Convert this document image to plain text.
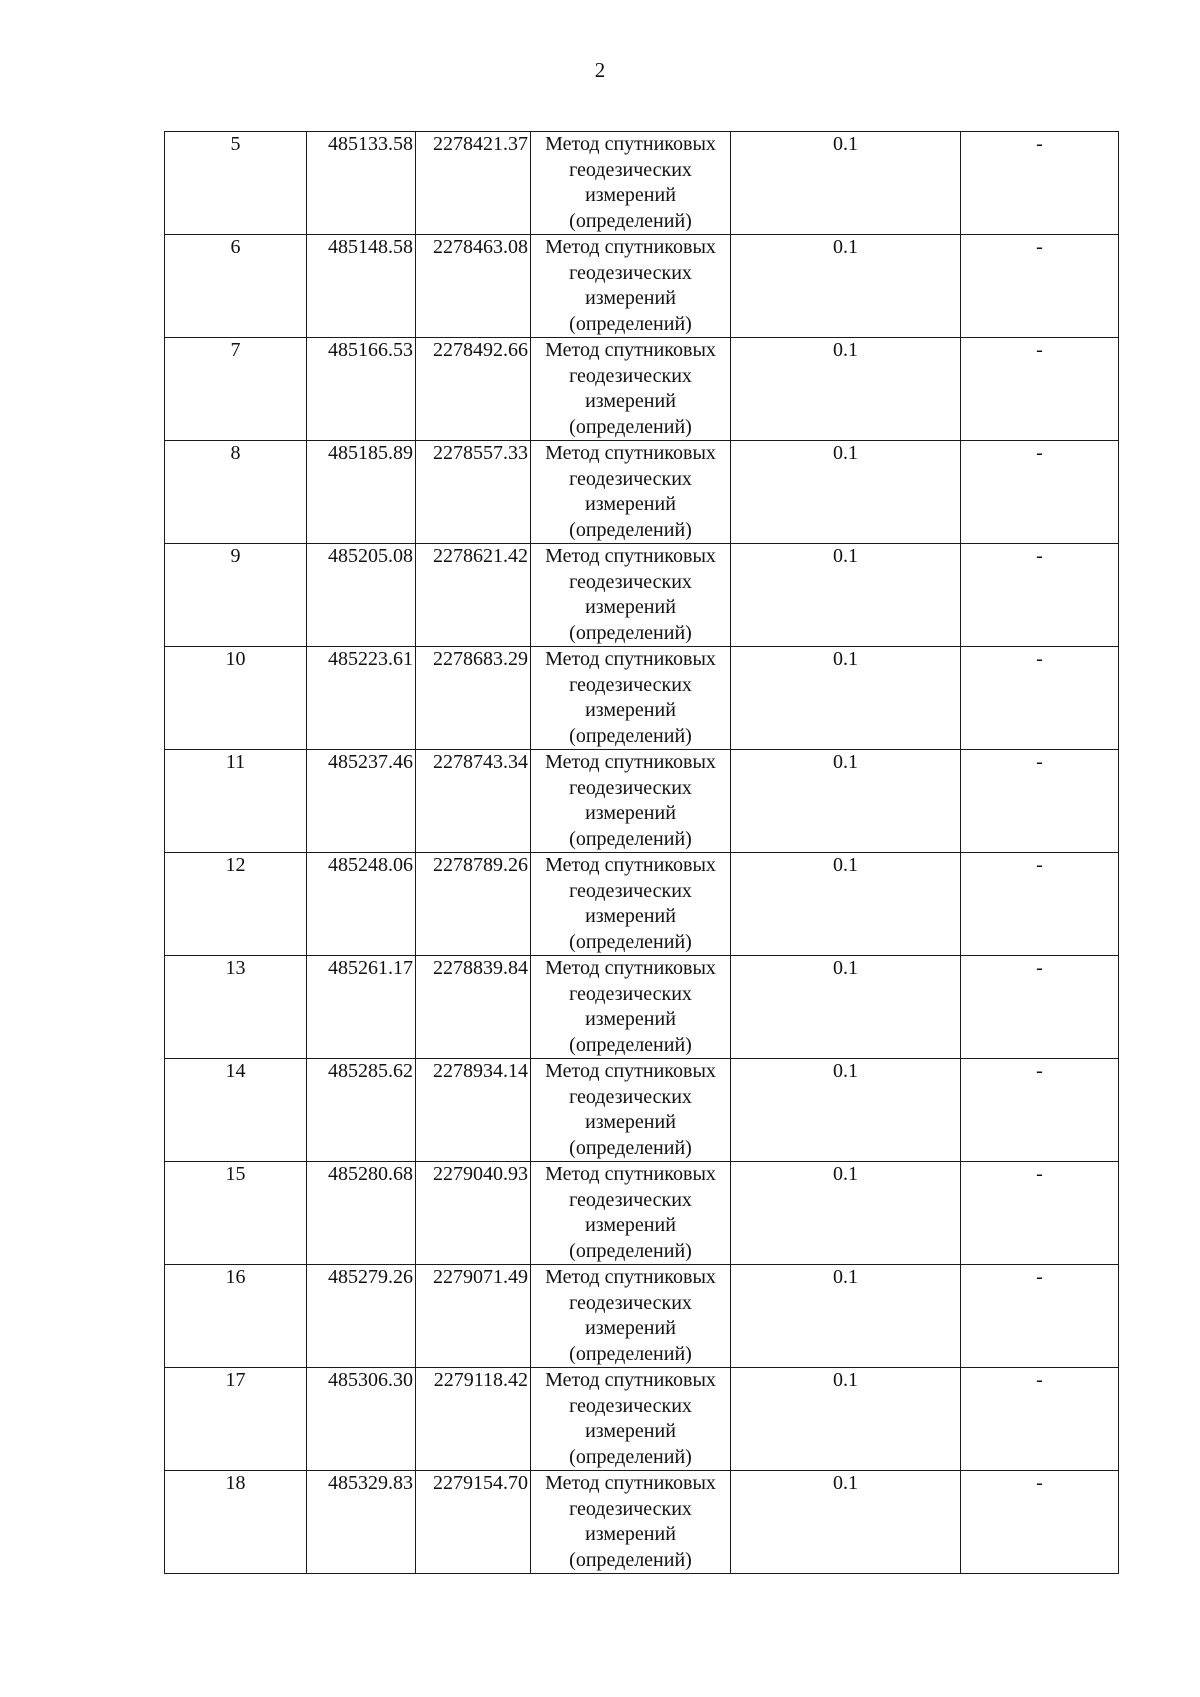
2
5	485133.58	2278421.37	Метод спутниковых геодезических измерений (определений)	0.1	-
6	485148.58	2278463.08	Метод спутниковых геодезических измерений (определений)	0.1	-
7	485166.53	2278492.66	Метод спутниковых геодезических измерений (определений)	0.1	-
8	485185.89	2278557.33	Метод спутниковых геодезических измерений (определений)	0.1	-
9	485205.08	2278621.42	Метод спутниковых геодезических измерений (определений)	0.1	-
10	485223.61	2278683.29	Метод спутниковых геодезических измерений (определений)	0.1	-
11	485237.46	2278743.34	Метод спутниковых геодезических измерений (определений)	0.1	-
12	485248.06	2278789.26	Метод спутниковых геодезических измерений (определений)	0.1	-
13	485261.17	2278839.84	Метод спутниковых геодезических измерений (определений)	0.1	-
14	485285.62	2278934.14	Метод спутниковых геодезических измерений (определений)	0.1	-
15	485280.68	2279040.93	Метод спутниковых геодезических измерений (определений)	0.1	-
16	485279.26	2279071.49	Метод спутниковых геодезических измерений (определений)	0.1	-
17	485306.30	2279118.42	Метод спутниковых геодезических измерений (определений)	0.1	-
18	485329.83	2279154.70	Метод спутниковых геодезических измерений (определений)	0.1	-
